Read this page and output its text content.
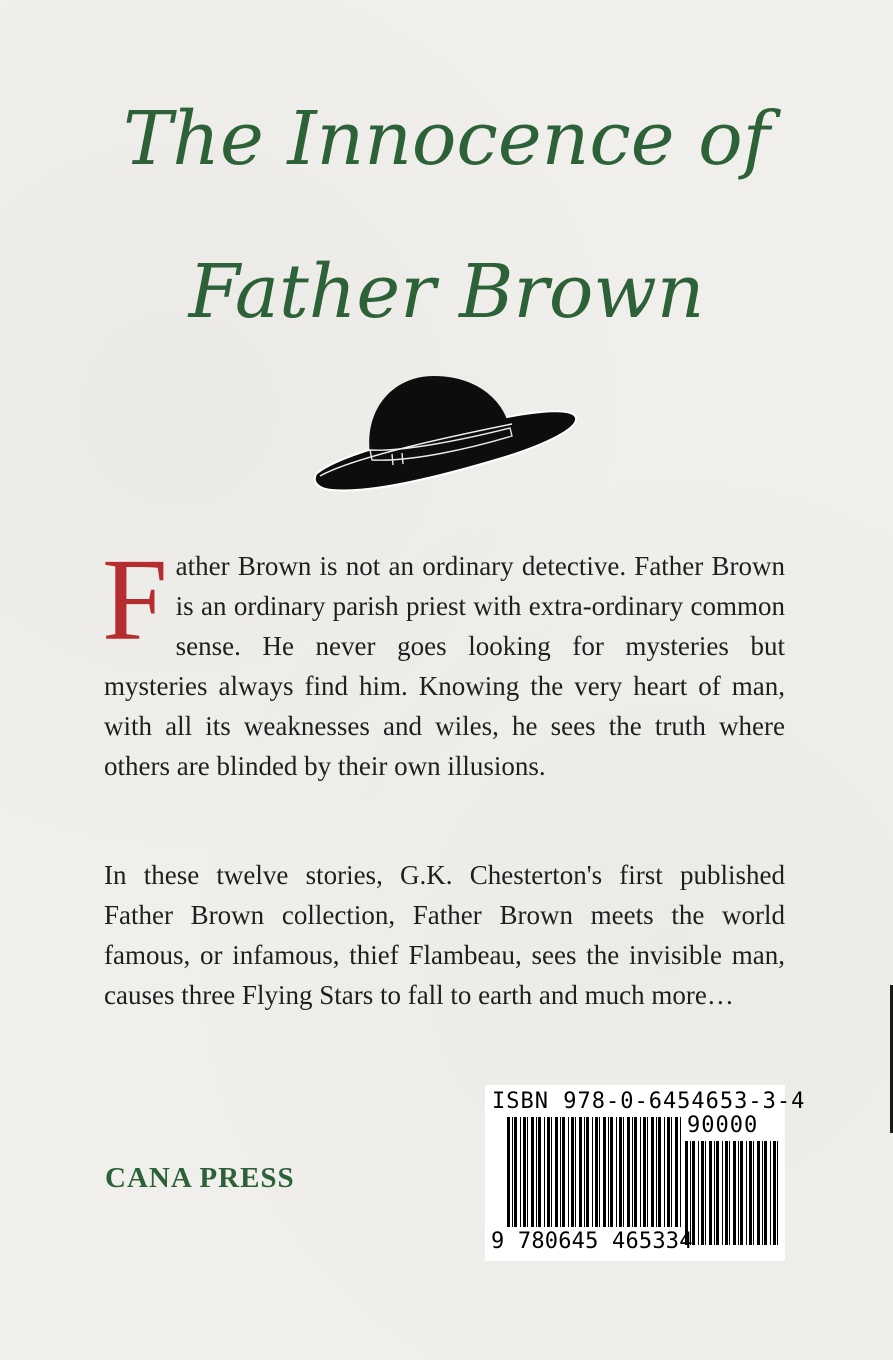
The Innocence of
Father Brown
Father Brown is not an ordinary detective. Father Brown is an ordinary parish priest with extra-ordinary common sense. He never goes looking for mysteries but mysteries always find him. Knowing the very heart of man, with all its weaknesses and wiles, he sees the truth where others are blinded by their own illusions.
In these twelve stories, G.K. Chesterton's first published Father Brown collection, Father Brown meets the world famous, or infamous, thief Flambeau, sees the invisible man, causes three Flying Stars to fall to earth and much more…
CANA PRESS
ISBN 978-0-6454653-3-4
90000
9 780645 465334
